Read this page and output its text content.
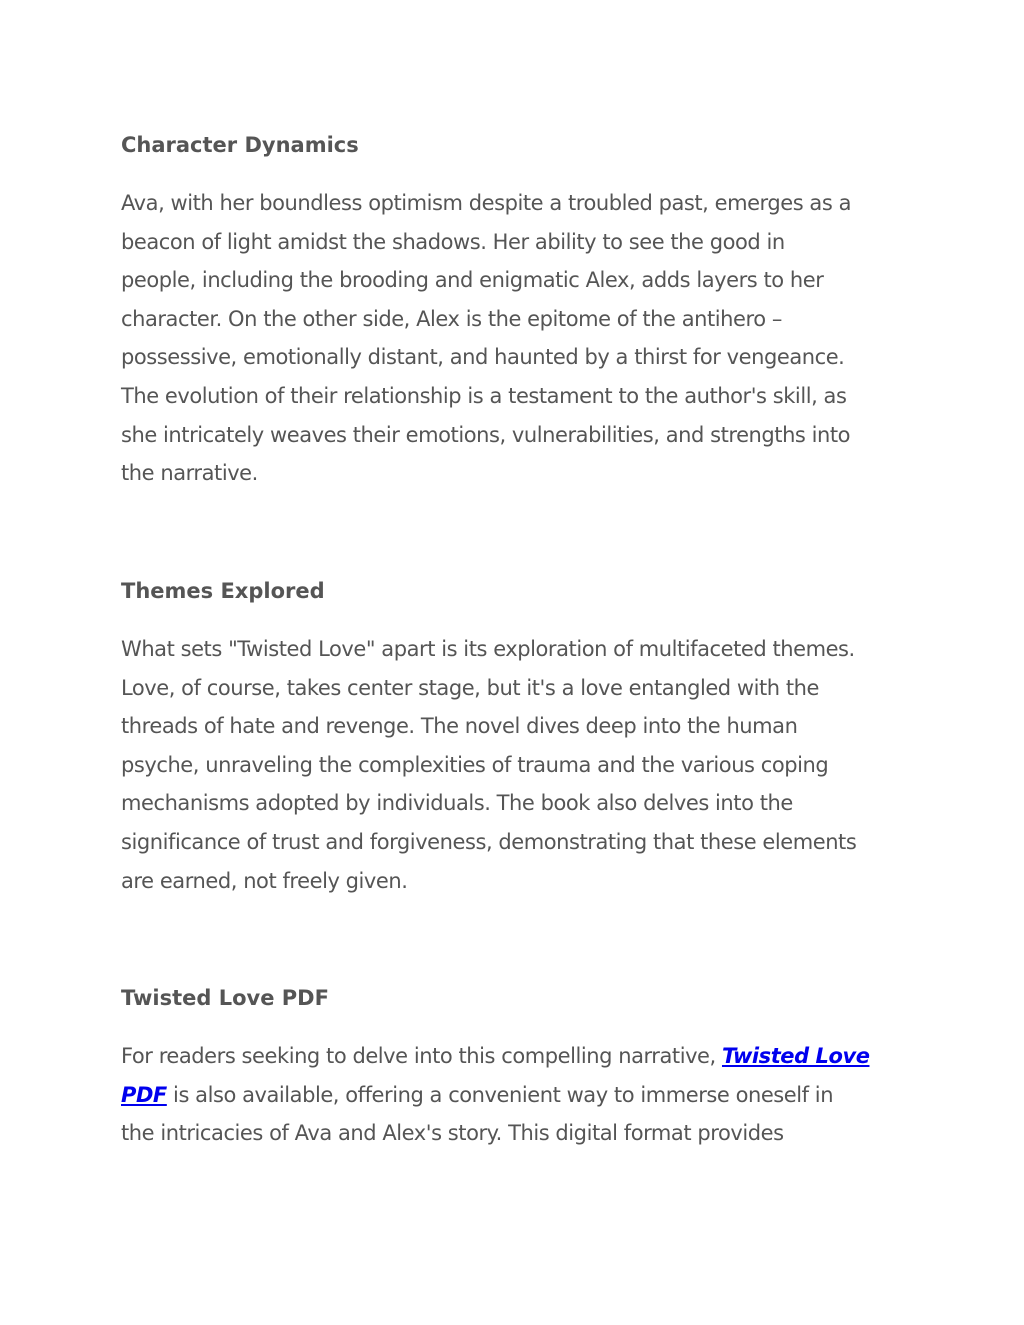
Character Dynamics

Ava, with her boundless optimism despite a troubled past, emerges as a
beacon of light amidst the shadows. Her ability to see the good in
people, including the brooding and enigmatic Alex, adds layers to her
character. On the other side, Alex is the epitome of the antihero –
possessive, emotionally distant, and haunted by a thirst for vengeance.
The evolution of their relationship is a testament to the author's skill, as
she intricately weaves their emotions, vulnerabilities, and strengths into
the narrative.

Themes Explored

What sets "Twisted Love" apart is its exploration of multifaceted themes.
Love, of course, takes center stage, but it's a love entangled with the
threads of hate and revenge. The novel dives deep into the human
psyche, unraveling the complexities of trauma and the various coping
mechanisms adopted by individuals. The book also delves into the
significance of trust and forgiveness, demonstrating that these elements
are earned, not freely given.

Twisted Love PDF

For readers seeking to delve into this compelling narrative, Twisted Love
PDF is also available, offering a convenient way to immerse oneself in
the intricacies of Ava and Alex's story. This digital format provides
